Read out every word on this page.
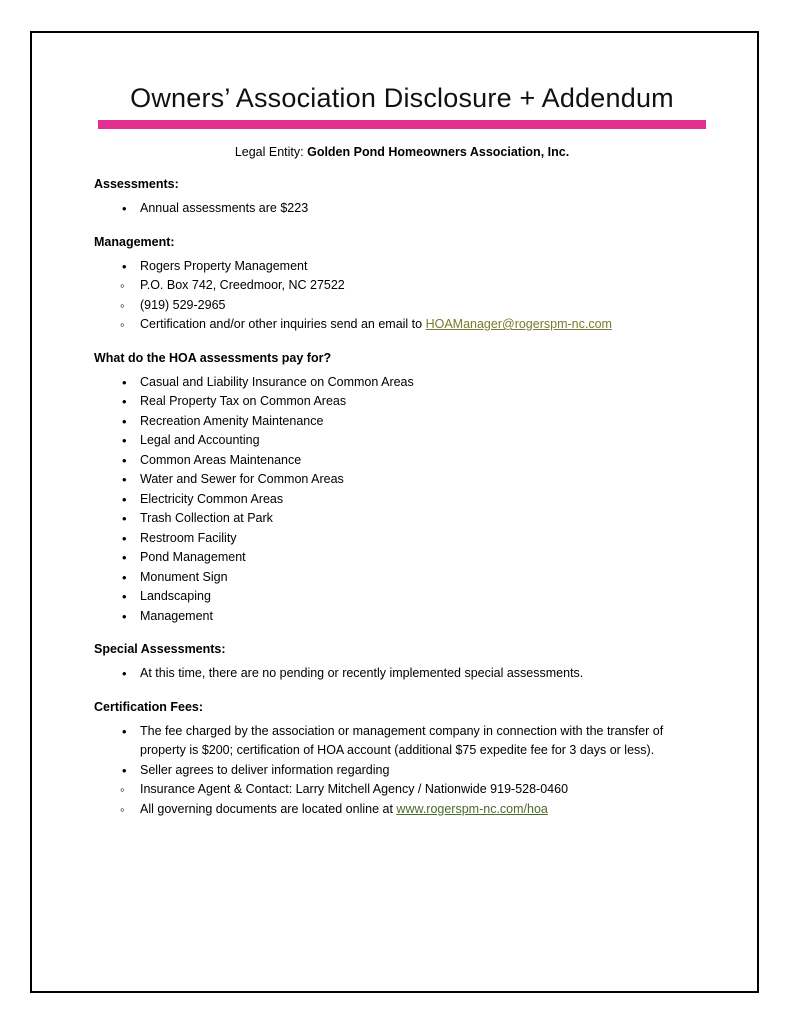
Owners’ Association Disclosure + Addendum
Legal Entity: Golden Pond Homeowners Association, Inc.
Assessments:
• Annual assessments are $223
Management:
• Rogers Property Management
◦ P.O. Box 742, Creedmoor, NC 27522
◦ (919) 529-2965
◦ Certification and/or other inquiries send an email to HOAManager@rogerspm-nc.com
What do the HOA assessments pay for?
• Casual and Liability Insurance on Common Areas
• Real Property Tax on Common Areas
• Recreation Amenity Maintenance
• Legal and Accounting
• Common Areas Maintenance
• Water and Sewer for Common Areas
• Electricity Common Areas
• Trash Collection at Park
• Restroom Facility
• Pond Management
• Monument Sign
• Landscaping
• Management
Special Assessments:
• At this time, there are no pending or recently implemented special assessments.
Certification Fees:
• The fee charged by the association or management company in connection with the transfer of property is $200; certification of HOA account (additional $75 expedite fee for 3 days or less).
• Seller agrees to deliver information regarding
◦ Insurance Agent & Contact: Larry Mitchell Agency / Nationwide 919-528-0460
◦ All governing documents are located online at www.rogerspm-nc.com/hoa
